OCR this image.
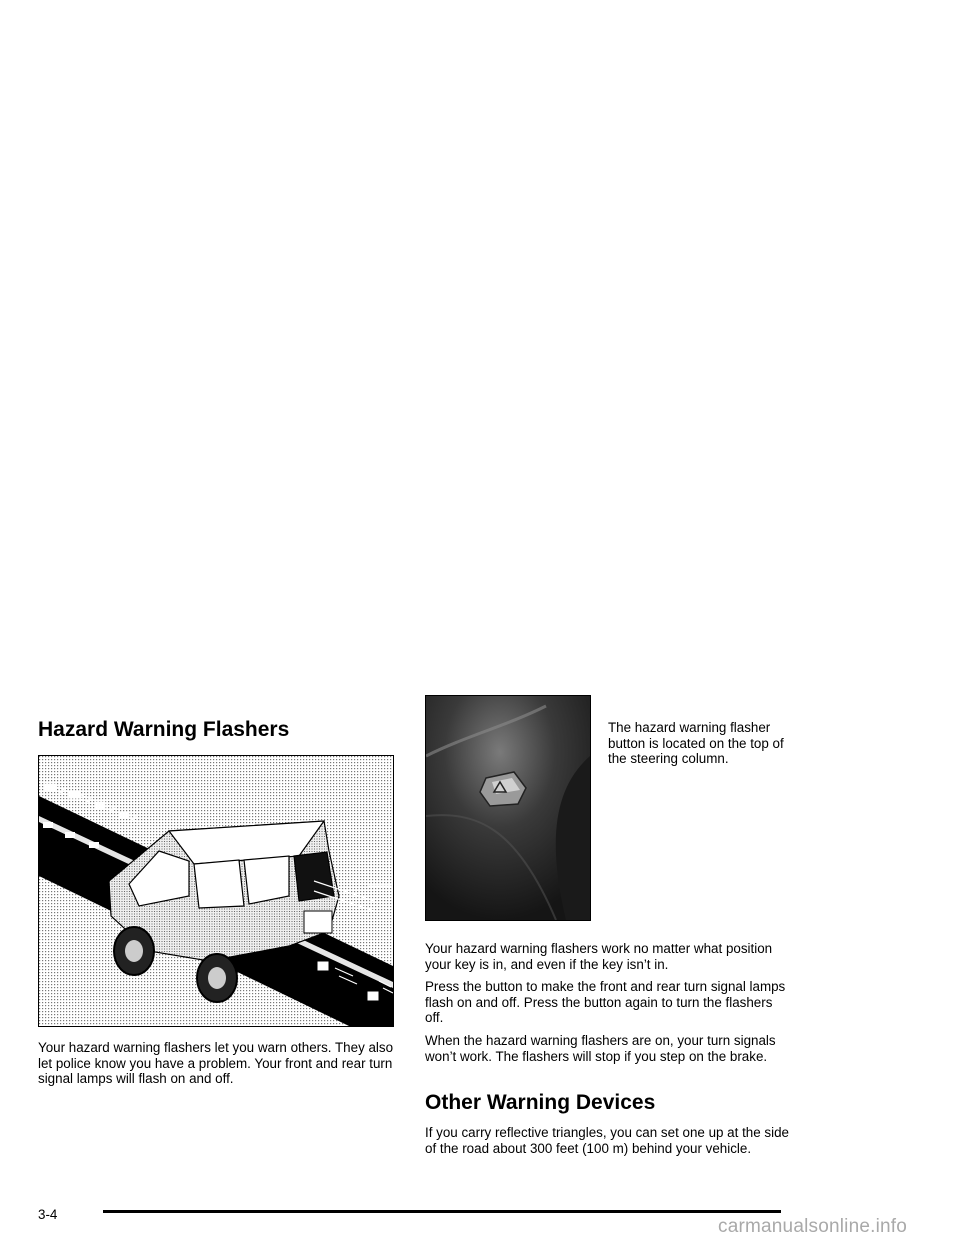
Hazard Warning Flashers

Your hazard warning flashers let you warn others. They also let police know you have a problem. Your front and rear turn signal lamps will flash on and off.

The hazard warning flasher button is located on the top of the steering column.

Your hazard warning flashers work no matter what position your key is in, and even if the key isn’t in.

Press the button to make the front and rear turn signal lamps flash on and off. Press the button again to turn the flashers off.

When the hazard warning flashers are on, your turn signals won’t work. The flashers will stop if you step on the brake.

Other Warning Devices

If you carry reflective triangles, you can set one up at the side of the road about 300 feet (100 m) behind your vehicle.

3-4
carmanualsonline.info
